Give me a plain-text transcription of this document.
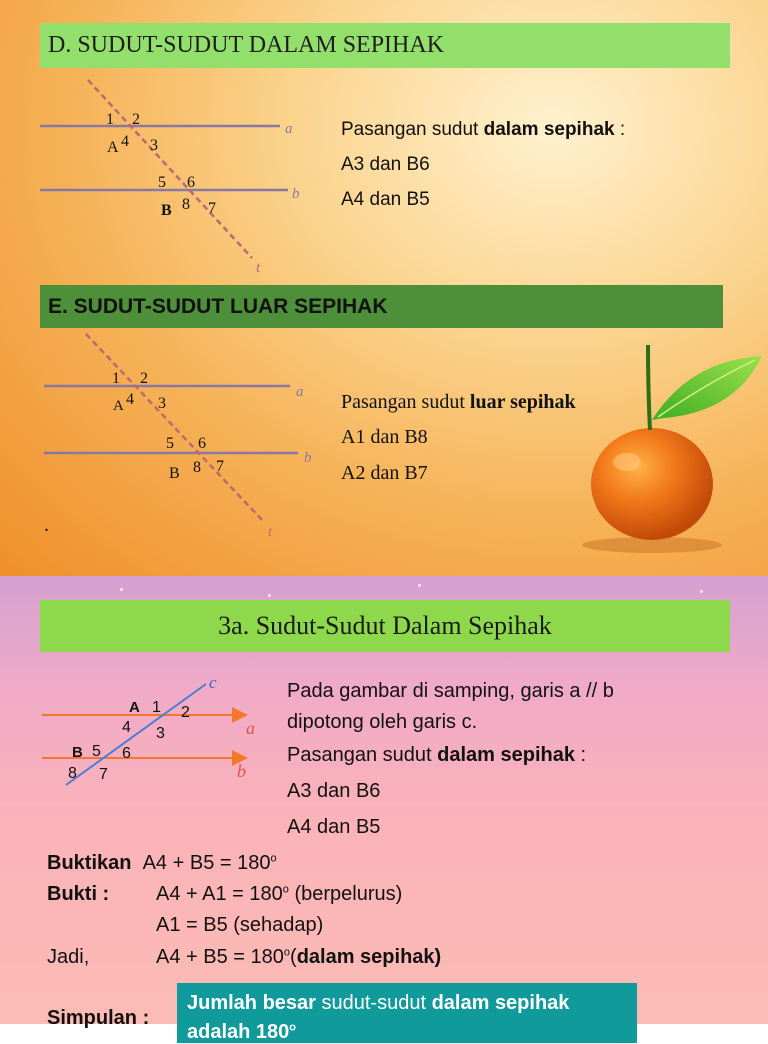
D. SUDUT-SUDUT DALAM SEPIHAK
1 2
A 4 3
5 6
B 8 7
a
b
t
Pasangan sudut dalam sepihak :
A3 dan B6
A4 dan B5
E. SUDUT-SUDUT LUAR SEPIHAK
1 2
A 4 3
5 6
B 8 7
a
b
t
Pasangan sudut luar sepihak
A1 dan B8
A2 dan B7
.
3a. Sudut-Sudut Dalam Sepihak
c
A 1 2
4 3	a
B 5 6
8 7	b
Pada gambar di samping, garis a // b
dipotong oleh garis c.
Pasangan sudut dalam sepihak :
A3 dan B6
A4 dan B5
Buktikan $A4 + B5 = 180^o$
Bukti : $A4 + A1 = 180^o$ (berpelurus)
A1 = B5 (sehadap)
Jadi,	$A4 + B5 = 180^o(dalam$ sepihak)
Simpulan :
Jumlah besar sudut-sudut dalam sepihak
adalah 180$^o$
